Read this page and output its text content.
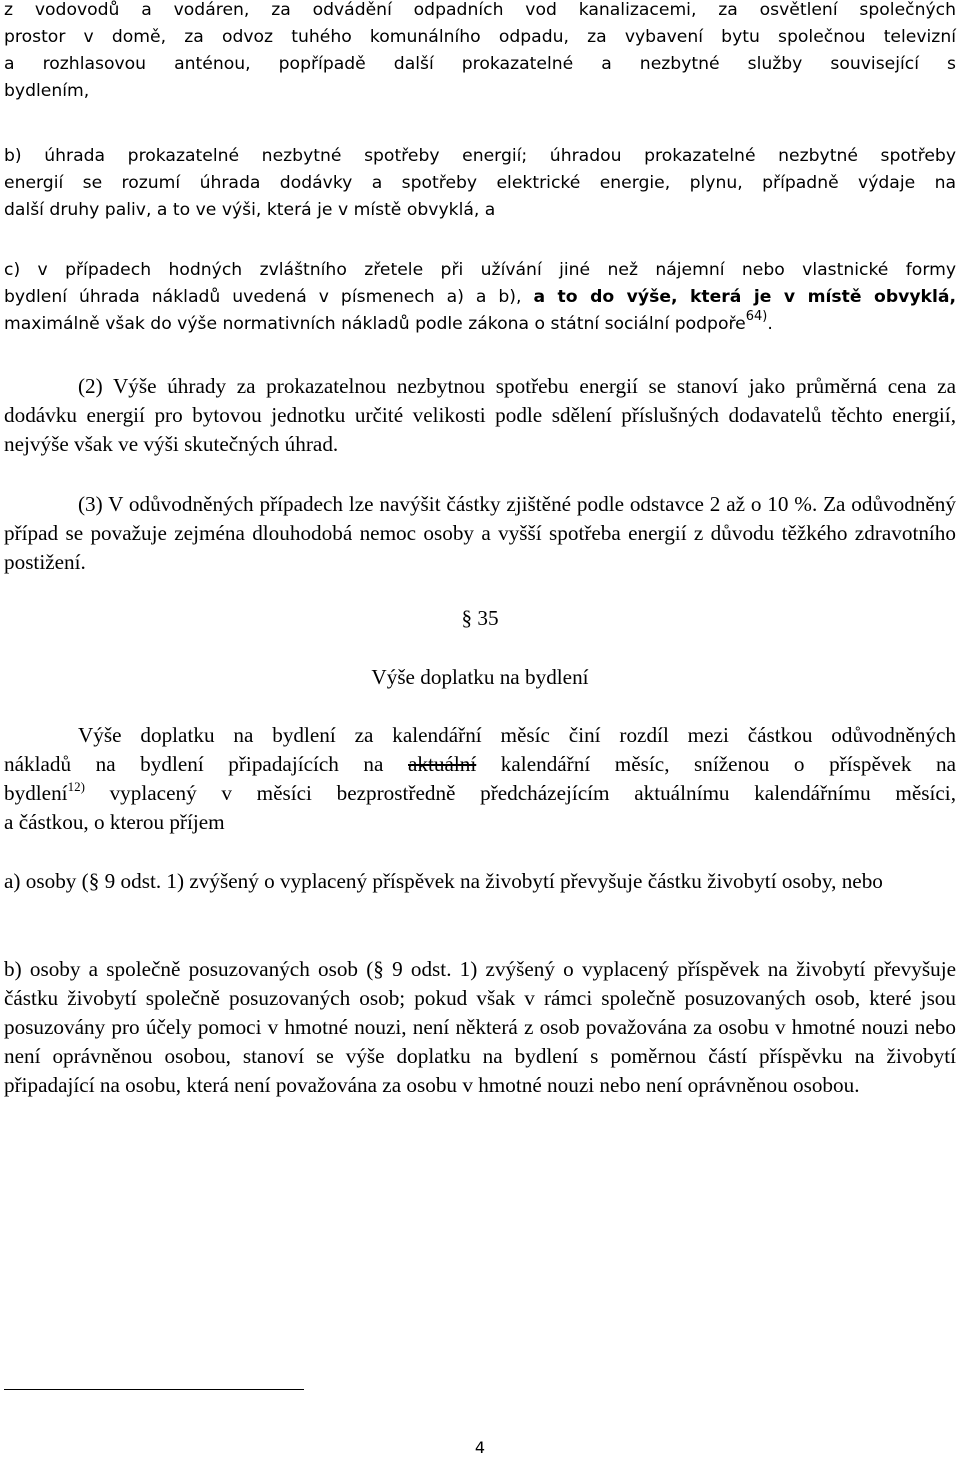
z vodovodů a vodáren, za odvádění odpadních vod kanalizacemi, za osvětlení společných
prostor v domě, za odvoz tuhého komunálního odpadu, za vybavení bytu společnou televizní
a rozhlasovou anténou, popřípadě další prokazatelné a nezbytné služby související s
bydlením,
b) úhrada prokazatelné nezbytné spotřeby energií; úhradou prokazatelné nezbytné spotřeby
energií se rozumí úhrada dodávky a spotřeby elektrické energie, plynu, případně výdaje na
další druhy paliv, a to ve výši, která je v místě obvyklá, a
c) v případech hodných zvláštního zřetele při užívání jiné než nájemní nebo vlastnické formy
bydlení úhrada nákladů uvedená v písmenech a) a b), a to do výše, která je v místě obvyklá,
maximálně však do výše normativních nákladů podle zákona o státní sociální podpoře$^{64)}$.

(2) Výše úhrady za prokazatelnou nezbytnou spotřebu energií se stanoví jako průměrná cena za dodávku energií pro bytovou jednotku určité velikosti podle sdělení příslušných dodavatelů těchto energií, nejvýše však ve výši skutečných úhrad.

(3) V odůvodněných případech lze navýšit částky zjištěné podle odstavce 2 až o 10 %. Za odůvodněný případ se považuje zejména dlouhodobá nemoc osoby a vyšší spotřeba energií z důvodu těžkého zdravotního postižení.

§ 35
Výše doplatku na bydlení
Výše doplatku na bydlení za kalendářní měsíc činí rozdíl mezi částkou odůvodněných
nákladů na bydlení připadajících na aktuální kalendářní měsíc, sníženou o příspěvek na
bydlení$^{12)}$ vyplacený v měsíci bezprostředně předcházejícím aktuálnímu kalendářnímu měsíci,
a částkou, o kterou příjem

a) osoby (§ 9 odst. 1) zvýšený o vyplacený příspěvek na živobytí převyšuje částku živobytí osoby, nebo

b) osoby a společně posuzovaných osob (§ 9 odst. 1) zvýšený o vyplacený příspěvek na živobytí převyšuje částku živobytí společně posuzovaných osob; pokud však v rámci společně posuzovaných osob, které jsou posuzovány pro účely pomoci v hmotné nouzi, není některá z osob považována za osobu v hmotné nouzi nebo není oprávněnou osobou, stanoví se výše doplatku na bydlení s poměrnou částí příspěvku na živobytí připadající na osobu, která není považována za osobu v hmotné nouzi nebo není oprávněnou osobou.

4
